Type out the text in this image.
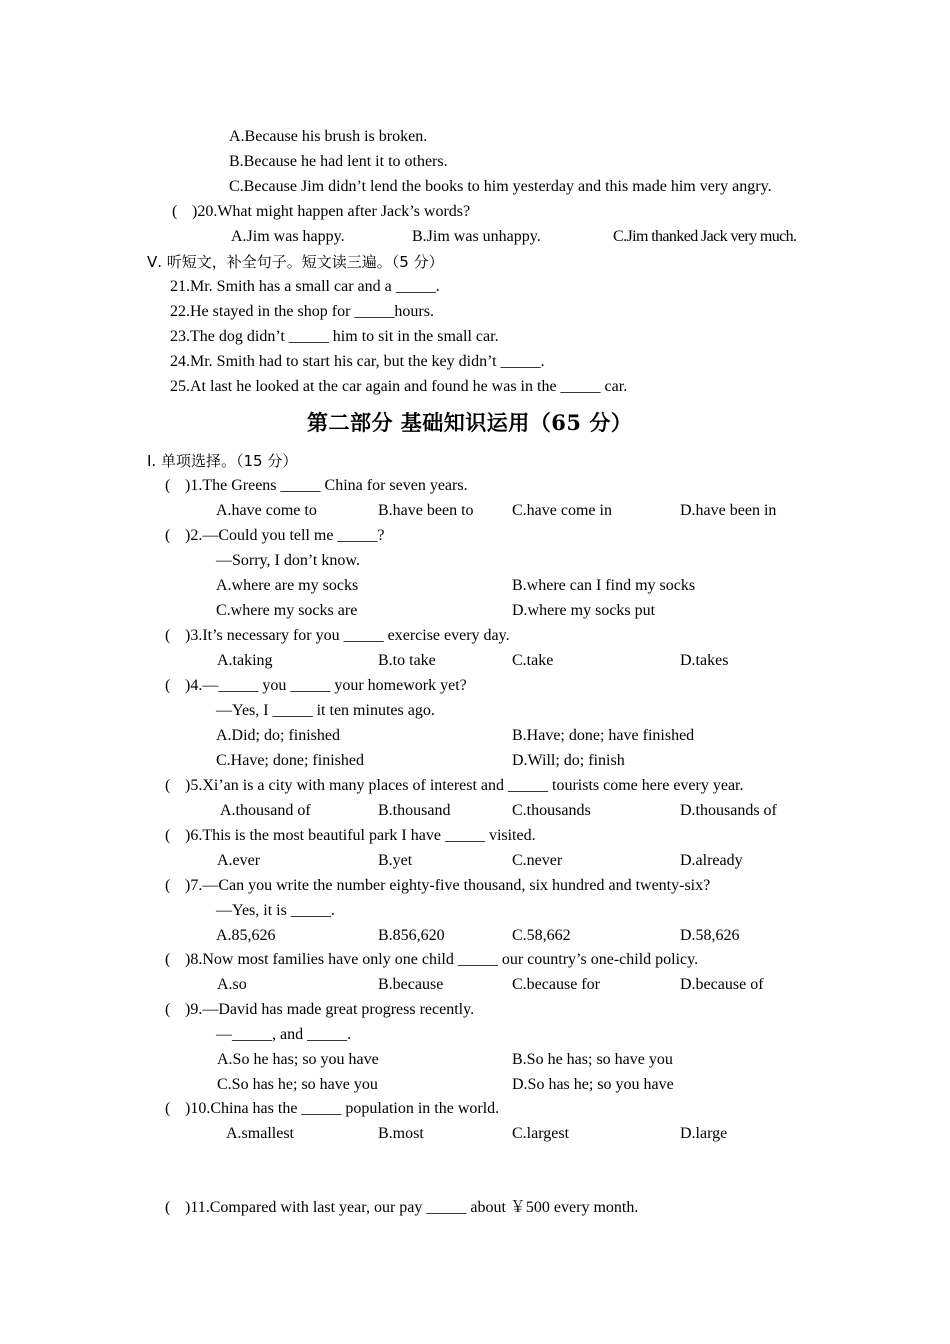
A.Because his brush is broken.
B.Because he had lent it to others.
C.Because Jim didn’t lend the books to him yesterday and this made him very angry.
( )20.What might happen after Jack’s words?
A.Jim was happy.	B.Jim was unhappy.	C.Jim thanked Jack very much.
Ⅴ. 听短文，补全句子。短文读三遍。（5 分）
21.Mr. Smith has a small car and a _____.
22.He stayed in the shop for _____hours.
23.The dog didn’t _____ him to sit in the small car.
24.Mr. Smith had to start his car, but the key didn’t _____.
25.At last he looked at the car again and found he was in the _____ car.
第二部分 基础知识运用（65 分）
Ⅰ. 单项选择。（15 分）
( )1.The Greens _____ China for seven years.
A.have come to	B.have been to C.have come in	D.have been in
( )2.—Could you tell me _____?
—Sorry, I don’t know.
A.where are my socks	B.where can I find my socks
C.where my socks are	D.where my socks put
( )3.It’s necessary for you _____ exercise every day.
A.taking	B.to take	C.take	D.takes
( )4.—_____ you _____ your homework yet?
—Yes, I _____ it ten minutes ago.
A.Did; do; finished	B.Have; done; have finished
C.Have; done; finished	D.Will; do; finish
( )5.Xi’an is a city with many places of interest and _____ tourists come here every year.
A.thousand of	B.thousand	C.thousands	D.thousands of
( )6.This is the most beautiful park I have _____ visited.
A.ever	B.yet	C.never	D.already
( )7.—Can you write the number eighty-five thousand, six hundred and twenty-six?
—Yes, it is _____.
A.85,626	B.856,620	C.58,662	D.58,626
( )8.Now most families have only one child _____ our country’s one-child policy.
A.so	B.because	C.because for	D.because of
( )9.—David has made great progress recently.
—_____, and _____.
A.So he has; so you have	B.So he has; so have you
C.So has he; so have you	D.So has he; so you have
( )10.China has the _____ population in the world.
A.smallest	B.most	C.largest	D.large
( )11.Compared with last year, our pay _____ about ￥500 every month.
